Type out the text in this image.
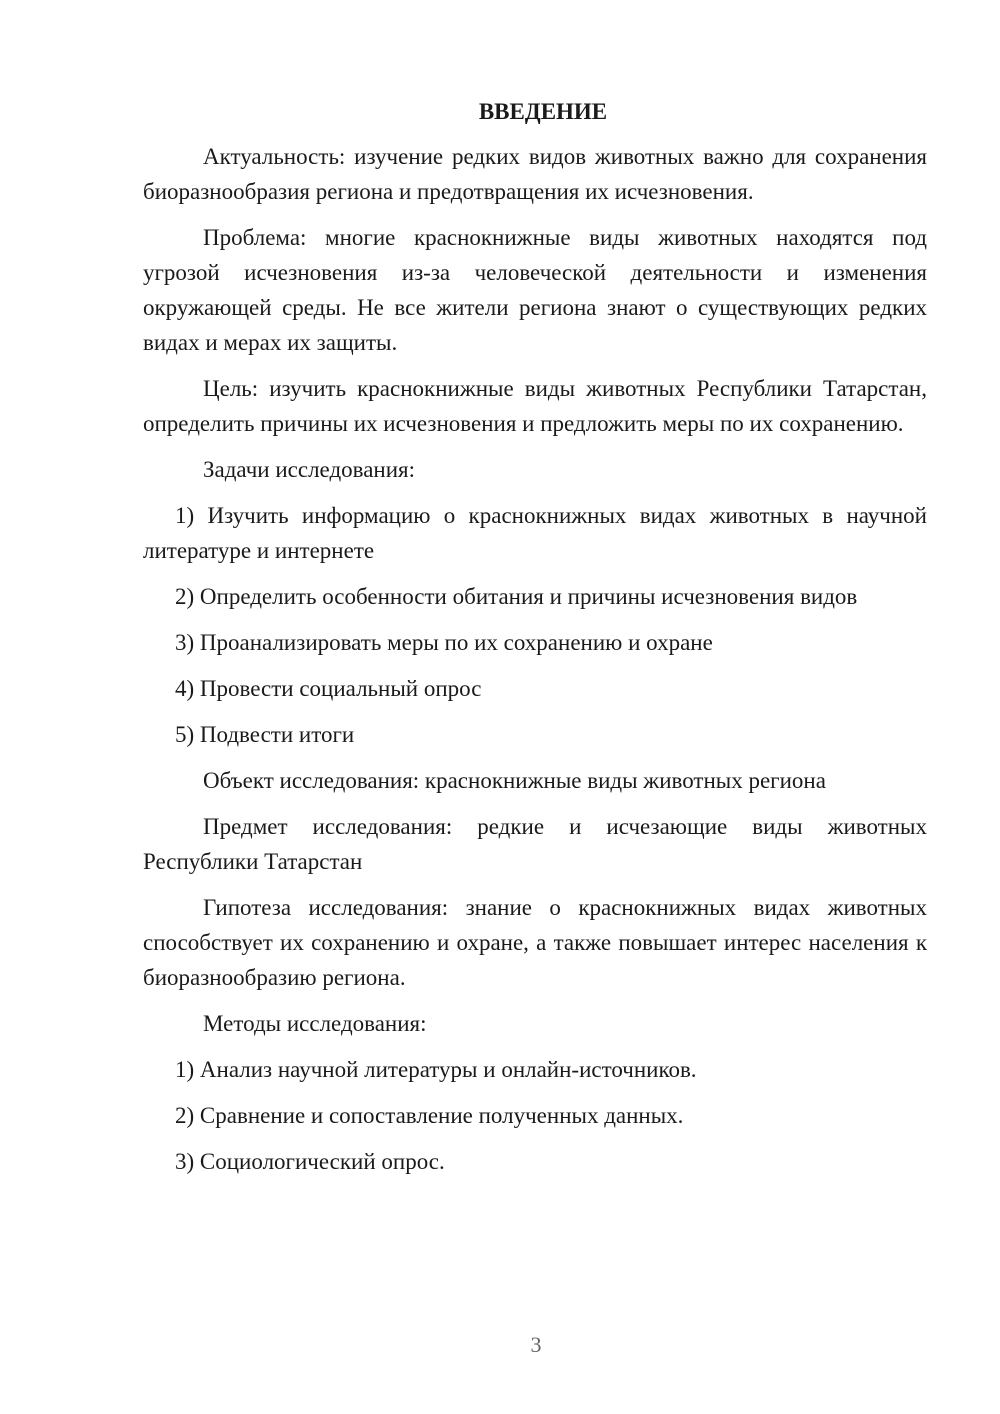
ВВЕДЕНИЕ

Актуальность: изучение редких видов животных важно для сохранения биоразнообразия региона и предотвращения их исчезновения.

Проблема: многие краснокнижные виды животных находятся под угрозой исчезновения из-за человеческой деятельности и изменения окружающей среды. Не все жители региона знают о существующих редких видах и мерах их защиты.

Цель: изучить краснокнижные виды животных Республики Татарстан, определить причины их исчезновения и предложить меры по их сохранению.

Задачи исследования:

1) Изучить информацию о краснокнижных видах животных в научной литературе и интернете

2) Определить особенности обитания и причины исчезновения видов

3) Проанализировать меры по их сохранению и охране

4) Провести социальный опрос

5) Подвести итоги

Объект исследования: краснокнижные виды животных региона

Предмет исследования: редкие и исчезающие виды животных Республики Татарстан

Гипотеза исследования: знание о краснокнижных видах животных способствует их сохранению и охране, а также повышает интерес населения к биоразнообразию региона.

Методы исследования:

1) Анализ научной литературы и онлайн-источников.

2) Сравнение и сопоставление полученных данных.

3) Социологический опрос.

3
